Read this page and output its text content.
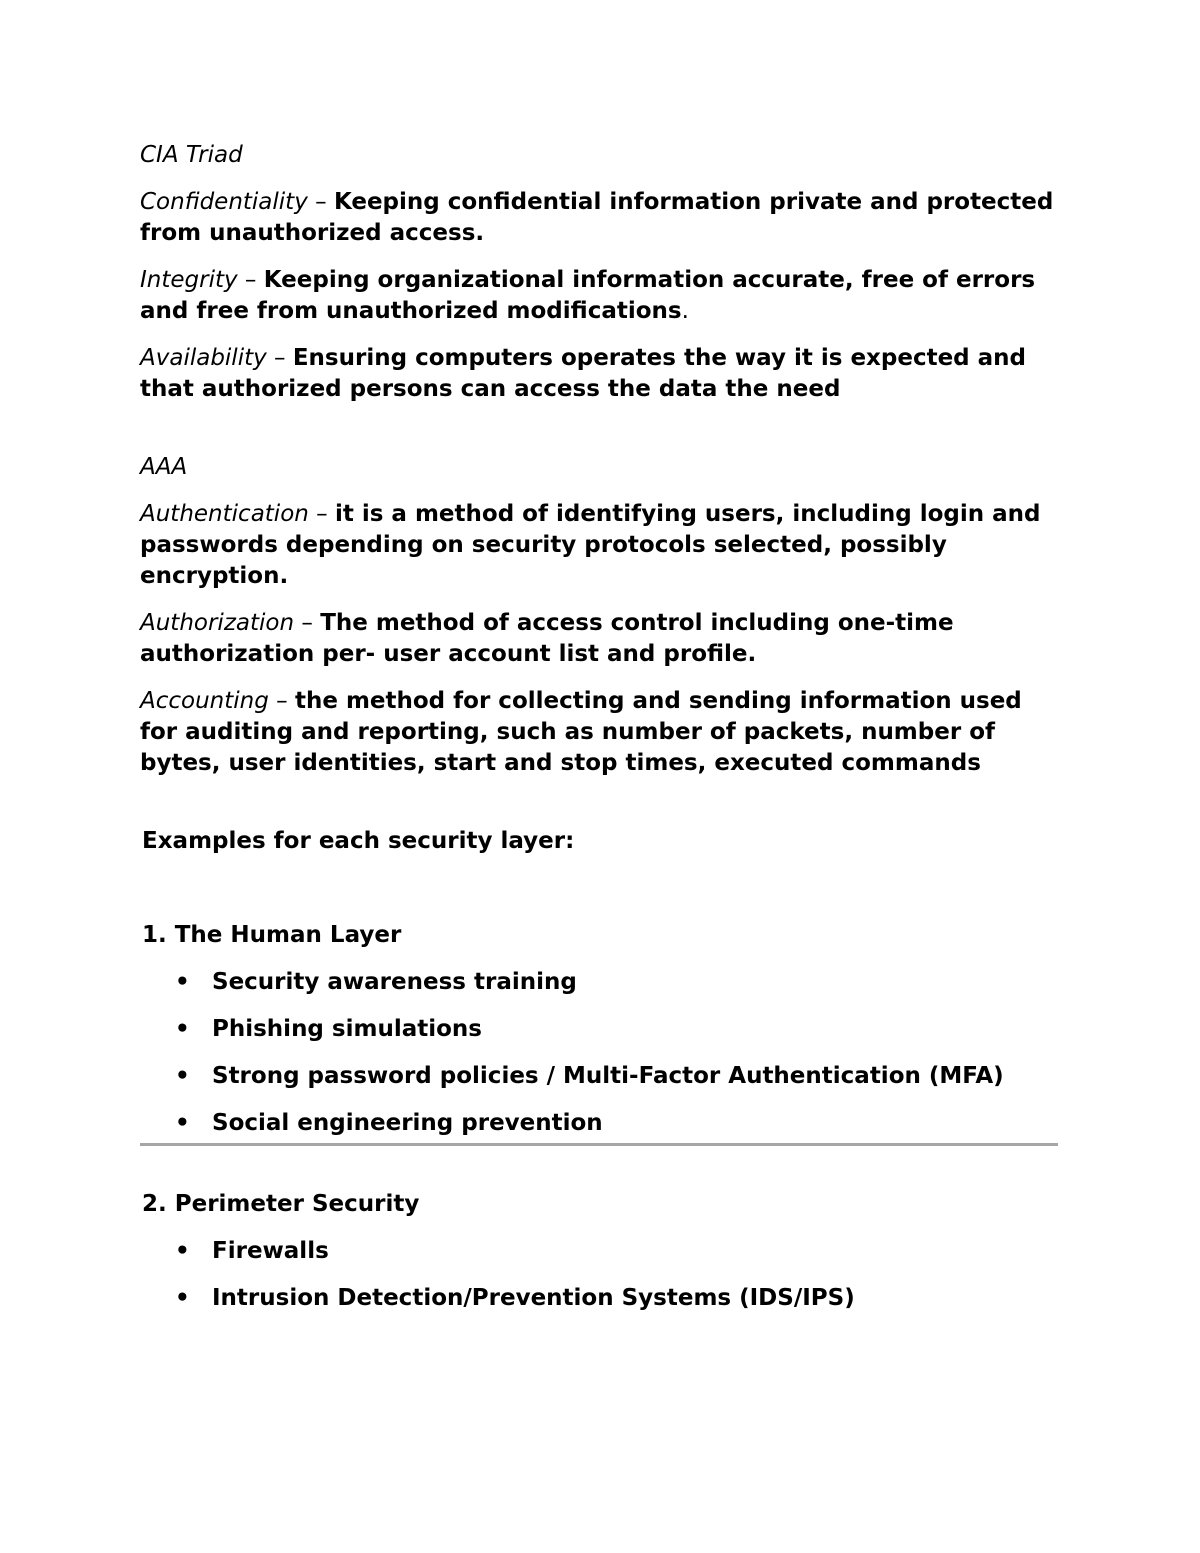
CIA Triad
Confidentiality – Keeping confidential information private and protected from unauthorized access.
Integrity – Keeping organizational information accurate, free of errors and free from unauthorized modifications.
Availability – Ensuring computers operates the way it is expected and that authorized persons can access the data the need
AAA
Authentication – it is a method of identifying users, including login and passwords depending on security protocols selected, possibly encryption.
Authorization – The method of access control including one-time authorization per- user account list and profile.
Accounting – the method for collecting and sending information used for auditing and reporting, such as number of packets, number of bytes, user identities, start and stop times, executed commands
Examples for each security layer:
1. The Human Layer
• Security awareness training
• Phishing simulations
• Strong password policies / Multi-Factor Authentication (MFA)
• Social engineering prevention
2. Perimeter Security
• Firewalls
• Intrusion Detection/Prevention Systems (IDS/IPS)
